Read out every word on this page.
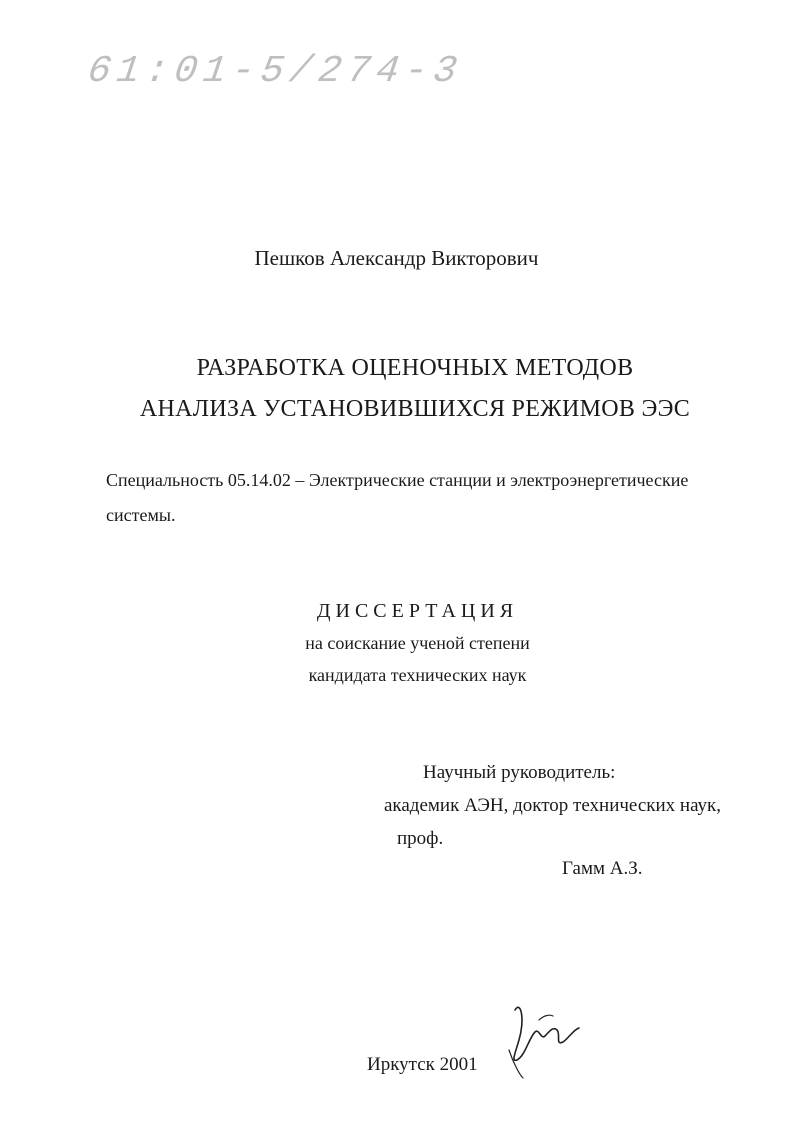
61:01-5/274-3
Пешков Александр Викторович
РАЗРАБОТКА ОЦЕНОЧНЫХ МЕТОДОВ
АНАЛИЗА УСТАНОВИВШИХСЯ РЕЖИМОВ ЭЭС
Специальность 05.14.02 – Электрические станции и электроэнергетические
системы.
ДИССЕРТАЦИЯ
на соискание ученой степени
кандидата технических наук
Научный руководитель:
академик АЭН, доктор технических наук,
проф.
Гамм А.З.
Иркутск 2001
